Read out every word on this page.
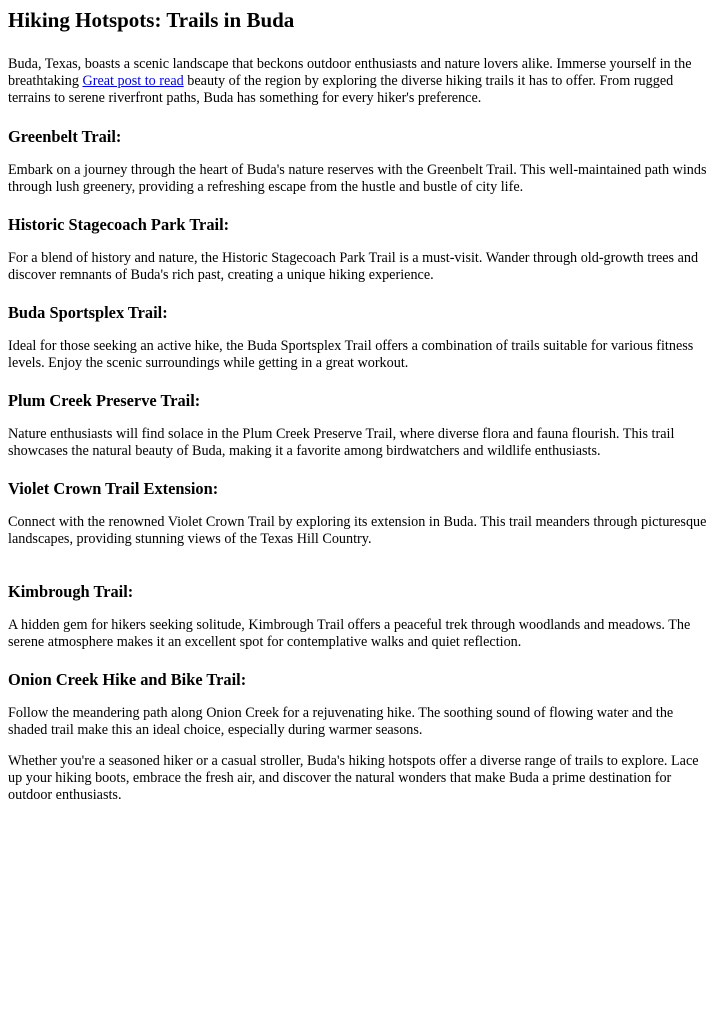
Hiking Hotspots: Trails in Buda

Buda, Texas, boasts a scenic landscape that beckons outdoor enthusiasts and nature lovers alike. Immerse yourself in the breathtaking Great post to read beauty of the region by exploring the diverse hiking trails it has to offer. From rugged terrains to serene riverfront paths, Buda has something for every hiker's preference.

Greenbelt Trail:

Embark on a journey through the heart of Buda's nature reserves with the Greenbelt Trail. This well-maintained path winds through lush greenery, providing a refreshing escape from the hustle and bustle of city life.

Historic Stagecoach Park Trail:

For a blend of history and nature, the Historic Stagecoach Park Trail is a must-visit. Wander through old-growth trees and discover remnants of Buda's rich past, creating a unique hiking experience.

Buda Sportsplex Trail:

Ideal for those seeking an active hike, the Buda Sportsplex Trail offers a combination of trails suitable for various fitness levels. Enjoy the scenic surroundings while getting in a great workout.

Plum Creek Preserve Trail:

Nature enthusiasts will find solace in the Plum Creek Preserve Trail, where diverse flora and fauna flourish. This trail showcases the natural beauty of Buda, making it a favorite among birdwatchers and wildlife enthusiasts.

Violet Crown Trail Extension:

Connect with the renowned Violet Crown Trail by exploring its extension in Buda. This trail meanders through picturesque landscapes, providing stunning views of the Texas Hill Country.

Kimbrough Trail:

A hidden gem for hikers seeking solitude, Kimbrough Trail offers a peaceful trek through woodlands and meadows. The serene atmosphere makes it an excellent spot for contemplative walks and quiet reflection.

Onion Creek Hike and Bike Trail:

Follow the meandering path along Onion Creek for a rejuvenating hike. The soothing sound of flowing water and the shaded trail make this an ideal choice, especially during warmer seasons.

Whether you're a seasoned hiker or a casual stroller, Buda's hiking hotspots offer a diverse range of trails to explore. Lace up your hiking boots, embrace the fresh air, and discover the natural wonders that make Buda a prime destination for outdoor enthusiasts.
